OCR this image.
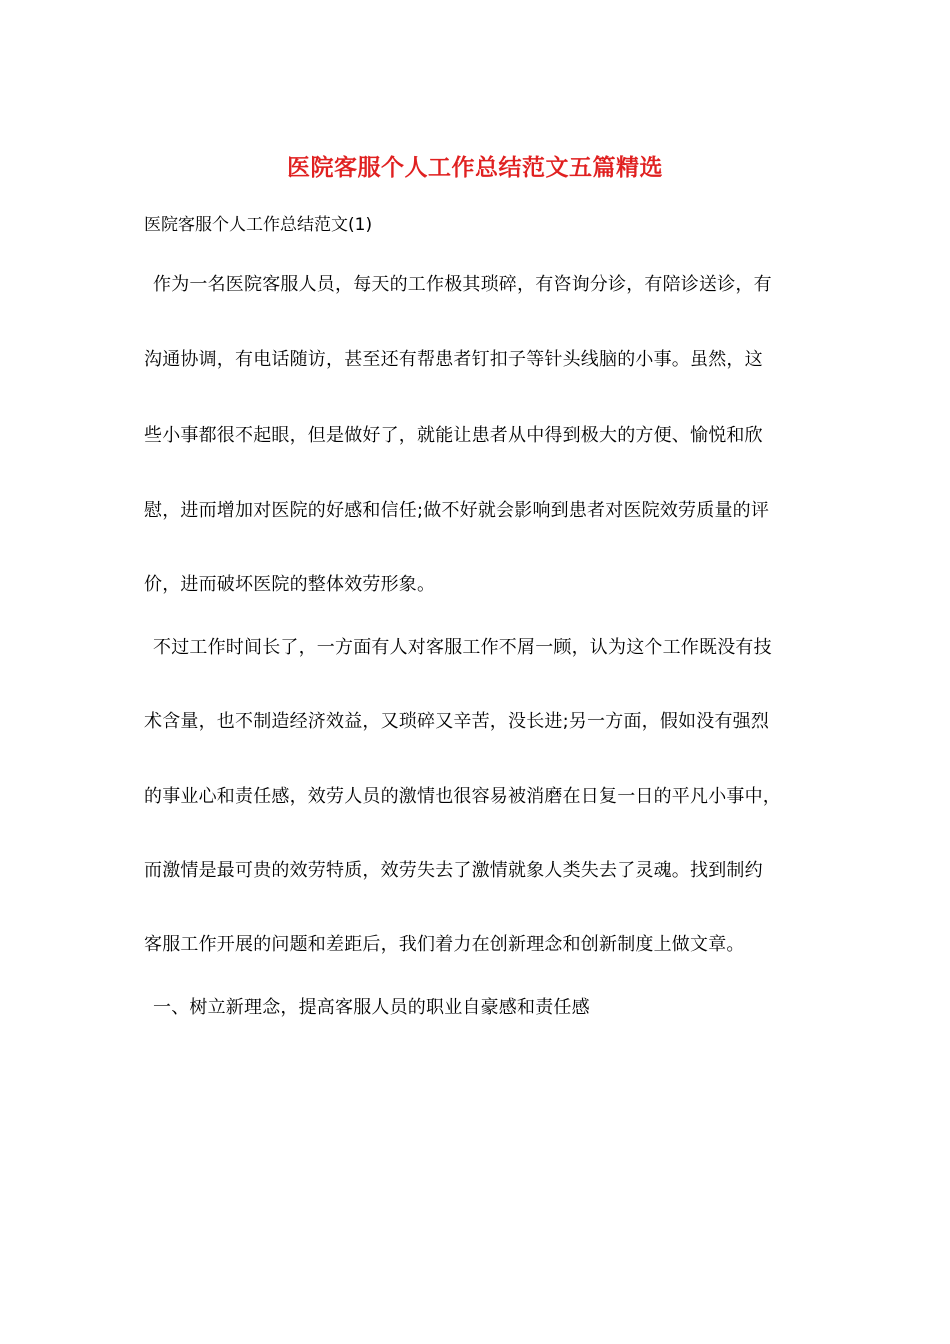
医院客服个人工作总结范文五篇精选

医院客服个人工作总结范文(1)

作为一名医院客服人员，每天的工作极其琐碎，有咨询分诊，有陪诊送诊，有

沟通协调，有电话随访，甚至还有帮患者钉扣子等针头线脑的小事。虽然，这

些小事都很不起眼，但是做好了，就能让患者从中得到极大的方便、愉悦和欣

慰，进而增加对医院的好感和信任;做不好就会影响到患者对医院效劳质量的评

价，进而破坏医院的整体效劳形象。

不过工作时间长了，一方面有人对客服工作不屑一顾，认为这个工作既没有技

术含量，也不制造经济效益，又琐碎又辛苦，没长进;另一方面，假如没有强烈

的事业心和责任感，效劳人员的激情也很容易被消磨在日复一日的平凡小事中，

而激情是最可贵的效劳特质，效劳失去了激情就象人类失去了灵魂。找到制约

客服工作开展的问题和差距后，我们着力在创新理念和创新制度上做文章。

一、树立新理念，提高客服人员的职业自豪感和责任感
